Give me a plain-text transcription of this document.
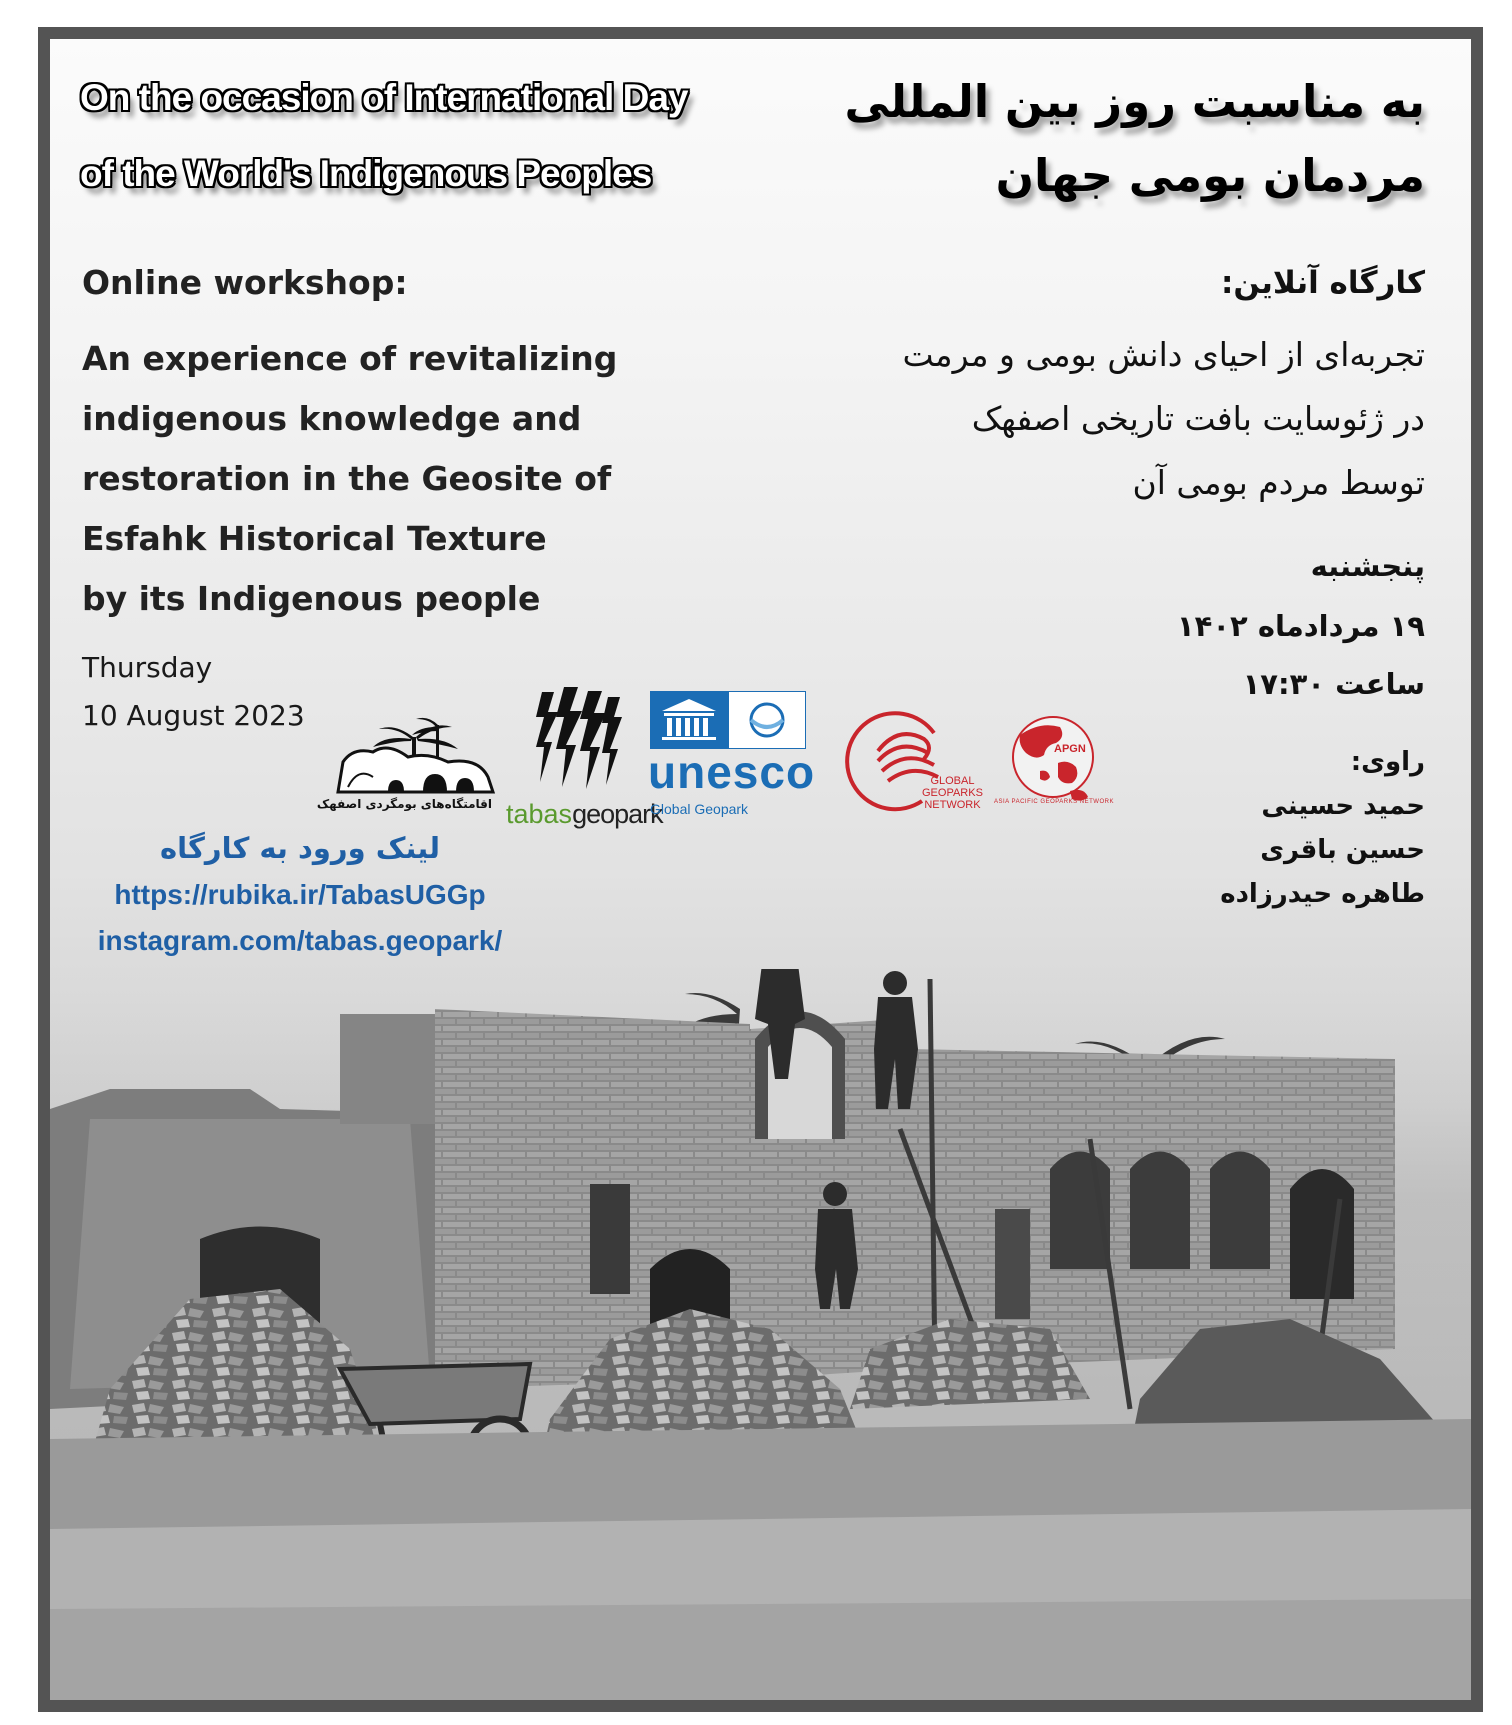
On the occasion of International Day
of the World's Indigenous Peoples
به مناسبت روز بین المللی
مردمان بومی جهان
Online workshop:
An experience of revitalizing
indigenous knowledge and
restoration in the Geosite of
Esfahk Historical Texture
by its Indigenous people
Thursday
10 August 2023
کارگاه آنلاین:
تجربه‌ای از احیای دانش بومی و مرمت
در ژئوسایت بافت تاریخی اصفهک
توسط مردم بومی آن
پنجشنبه
۱۹ مردادماه ۱۴۰۲
ساعت ۱۷:۳۰
راوی:
حمید حسینی
حسین باقری
طاهره حیدرزاده
لینک ورود به کارگاه
https://rubika.ir/TabasUGGp
instagram.com/tabas.geopark/
اقامتگاه‌های بومگردی اصفهک tabasgeopark
unesco
Global Geopark
GLOBAL
GEOPARKS
NETWORK
APGN
ASIA PACIFIC GEOPARKS NETWORK
